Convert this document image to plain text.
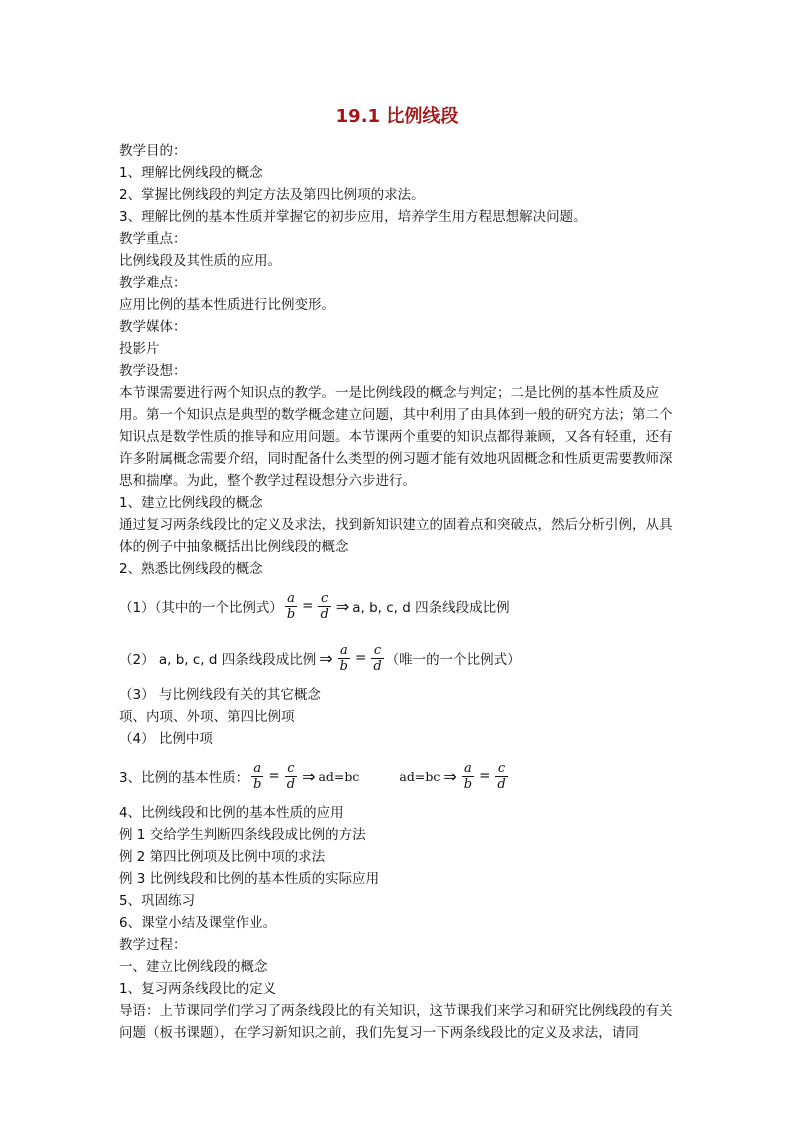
19.1 比例线段
教学目的：
1、理解比例线段的概念
2、掌握比例线段的判定方法及第四比例项的求法。
3、理解比例的基本性质并掌握它的初步应用，培养学生用方程思想解决问题。
教学重点：
比例线段及其性质的应用。
教学难点：
应用比例的基本性质进行比例变形。
教学媒体：
投影片
教学设想：
本节课需要进行两个知识点的教学。一是比例线段的概念与判定；二是比例的基本性质及应用。第一个知识点是典型的数学概念建立问题，其中利用了由具体到一般的研究方法；第二个知识点是数学性质的推导和应用问题。本节课两个重要的知识点都得兼顾，又各有轻重，还有许多附属概念需要介绍，同时配备什么类型的例习题才能有效地巩固概念和性质更需要教师深思和揣摩。为此，整个教学过程设想分六步进行。
1、建立比例线段的概念
通过复习两条线段比的定义及求法，找到新知识建立的固着点和突破点，然后分析引例，从具体的例子中抽象概括出比例线段的概念
2、熟悉比例线段的概念
（1）（其中的一个比例式） $\frac{a}{b} = \frac{c}{d}$ ⇒ a, b, c, d 四条线段成比例
（2） a, b, c, d 四条线段成比例 ⇒ $\frac{a}{b} = \frac{c}{d}$ （唯一的一个比例式）
（3） 与比例线段有关的其它概念
项、内项、外项、第四比例项
（4） 比例中项
3、比例的基本性质： $\frac{a}{b} = \frac{c}{d}$ ⇒ ad=bc	ad=bc ⇒ $\frac{a}{b} = \frac{c}{d}$
4、比例线段和比例的基本性质的应用
例 1 交给学生判断四条线段成比例的方法
例 2 第四比例项及比例中项的求法
例 3 比例线段和比例的基本性质的实际应用
5、巩固练习
6、课堂小结及课堂作业。
教学过程：
一、建立比例线段的概念
1、复习两条线段比的定义
导语：上节课同学们学习了两条线段比的有关知识，这节课我们来学习和研究比例线段的有关问题（板书课题），在学习新知识之前，我们先复习一下两条线段比的定义及求法，请同
